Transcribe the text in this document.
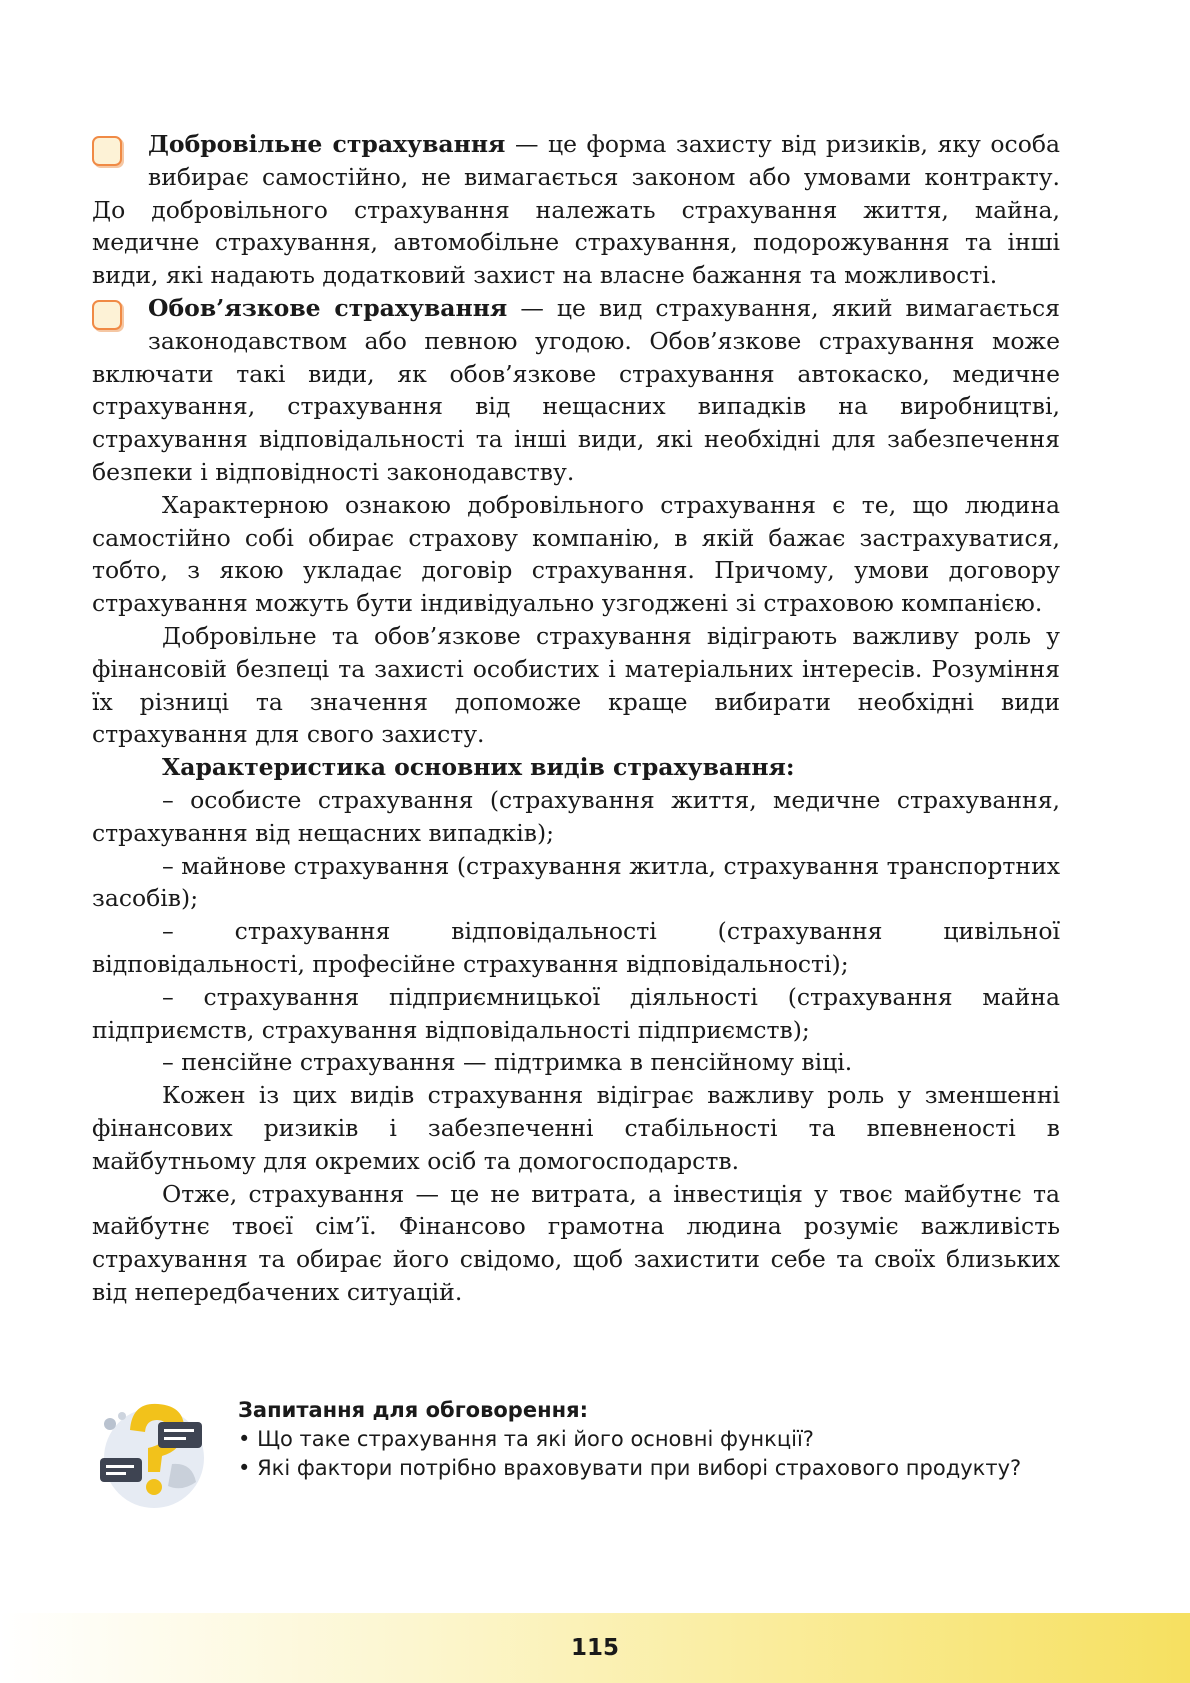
Добровільне страхування — це форма захисту від ризиків, яку особа вибирає самостійно, не вимагається законом або умовами контракту. До добровільного страхування належать страхування життя, майна, медичне страхування, автомобільне страхування, подорожування та інші види, які надають додатковий захист на власне бажання та можливості.

Обов’язкове страхування — це вид страхування, який вимагається законодавством або певною угодою. Обов’язкове страхування може включати такі види, як обов’язкове страхування автокаско, медичне страхування, страхування від нещасних випадків на виробництві, страхування відповідальності та інші види, які необхідні для забезпечення безпеки і відповідності законодавству.

Характерною ознакою добровільного страхування є те, що людина самостійно собі обирає страхову компанію, в якій бажає застрахуватися, тобто, з якою укладає договір страхування. Причому, умови договору страхування можуть бути індивідуально узгоджені зі страховою компанією.

Добровільне та обов’язкове страхування відіграють важливу роль у фінансовій безпеці та захисті особистих і матеріальних інтересів. Розуміння їх різниці та значення допоможе краще вибирати необхідні види страхування для свого захисту.

Характеристика основних видів страхування:

– особисте страхування (страхування життя, медичне страхування, страхування від нещасних випадків);

– майнове страхування (страхування житла, страхування транспортних засобів);

– страхування відповідальності (страхування цивільної відповідальності, професійне страхування відповідальності);

– страхування підприємницької діяльності (страхування майна підприємств, страхування відповідальності підприємств);

– пенсійне страхування — підтримка в пенсійному віці.

Кожен із цих видів страхування відіграє важливу роль у зменшенні фінансових ризиків і забезпеченні стабільності та впевненості в майбутньому для окремих осіб та домогосподарств.

Отже, страхування — це не витрата, а інвестиція у твоє майбутнє та майбутнє твоєї сім’ї. Фінансово грамотна людина розуміє важливість страхування та обирає його свідомо, щоб захистити себе та своїх близьких від непередбачених ситуацій.

Запитання для обговорення:
• Що таке страхування та які його основні функції?
• Які фактори потрібно враховувати при виборі страхового продукту?
115
